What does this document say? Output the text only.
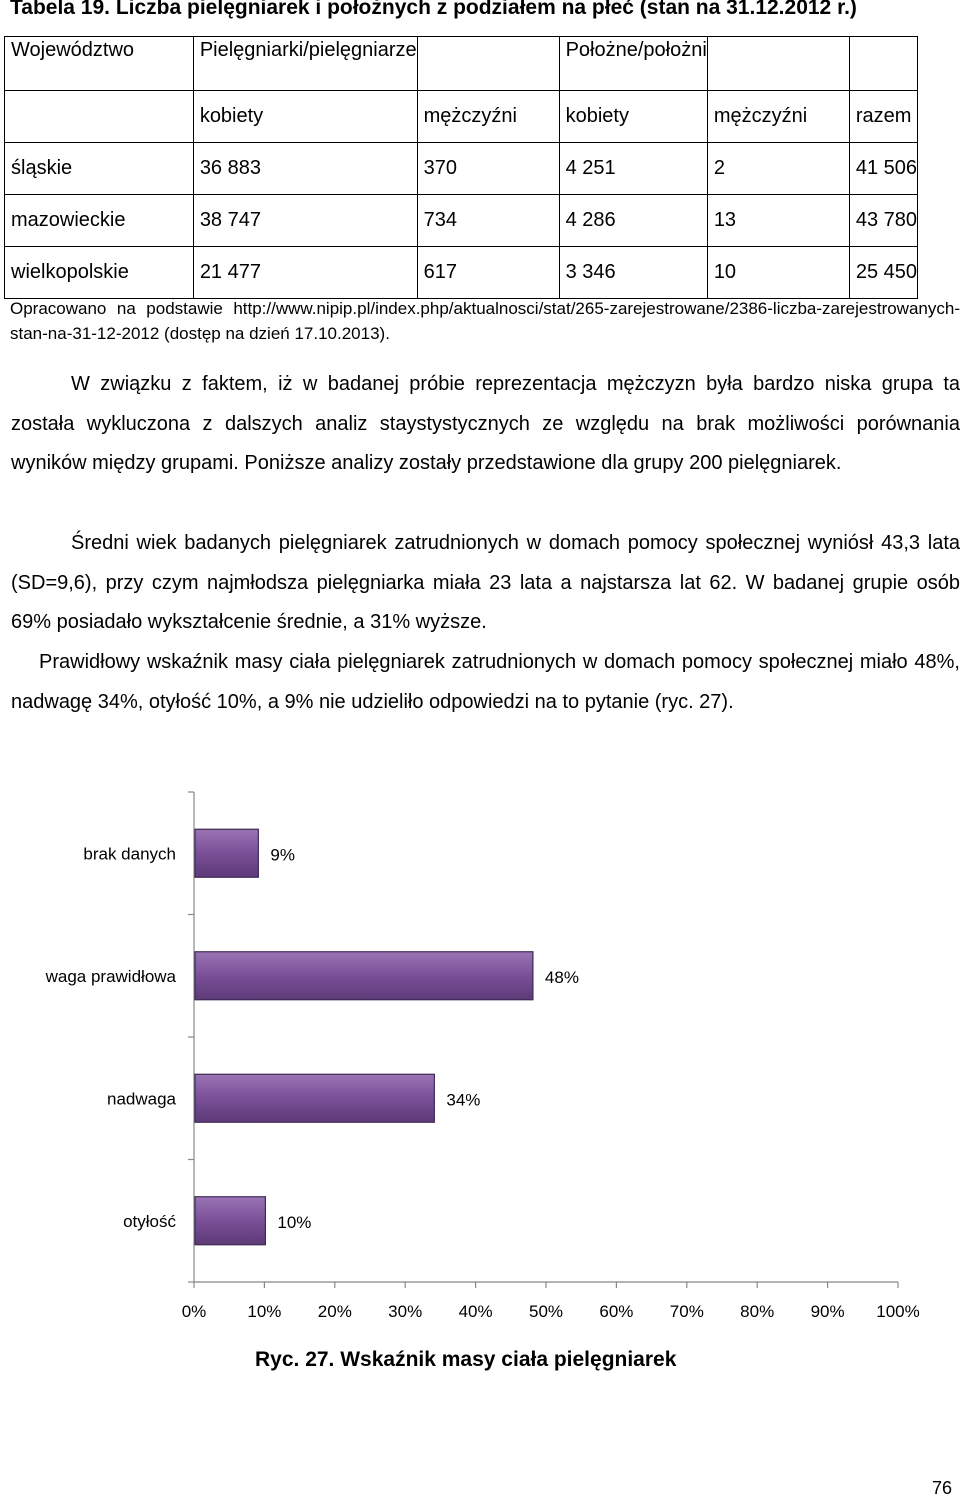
Tabela 19. Liczba pielęgniarek i położnych z podziałem na płeć (stan na 31.12.2012 r.)
Województwo	Pielęgniarki/pielęgniarze		Położne/położni		
	kobiety	mężczyźni	kobiety	mężczyźni	razem
śląskie	36 883	370	4 251	2	41 506
mazowieckie	38 747	734	4 286	13	43 780
wielkopolskie	21 477	617	3 346	10	25 450
Opracowano na podstawie http://www.nipip.pl/index.php/aktualnosci/stat/265-zarejestrowane/2386-liczba-zarejestrowanych-stan-na-31-12-2012 (dostęp na dzień 17.10.2013).
W związku z faktem, iż w badanej próbie reprezentacja mężczyzn była bardzo niska grupa ta została wykluczona z dalszych analiz staystystycznych ze względu na brak możliwości porównania wyników między grupami. Poniższe analizy zostały przedstawione dla grupy 200 pielęgniarek.
Średni wiek badanych pielęgniarek zatrudnionych w domach pomocy społecznej wyniósł 43,3 lata (SD=9,6), przy czym najmłodsza pielęgniarka miała 23 lata a najstarsza lat 62. W badanej grupie osób 69% posiadało wykształcenie średnie, a 31% wyższe.
Prawidłowy wskaźnik masy ciała pielęgniarek zatrudnionych w domach pomocy społecznej miało 48%, nadwagę 34%, otyłość 10%, a 9% nie udzieliło odpowiedzi na to pytanie (ryc. 27).
0% 10% 20% 30% 40% 50% 60% 70% 80% 90% 100%
brak danych	9%
waga prawidłowa	48%
nadwaga	34%
otyłość	10%
Ryc. 27. Wskaźnik masy ciała pielęgniarek
76
